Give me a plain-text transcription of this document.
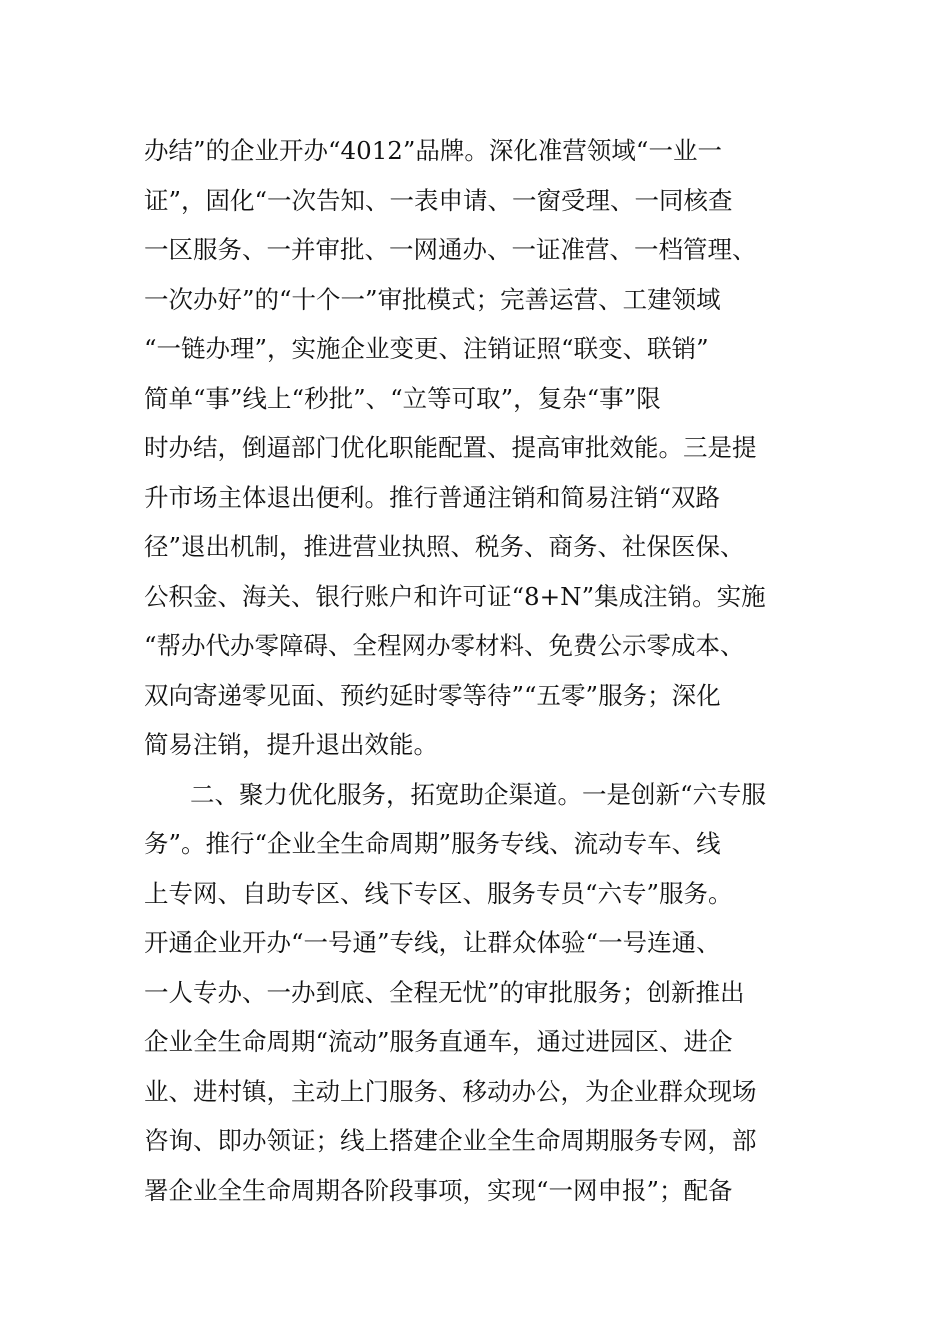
办结”的企业开办“4012”品牌。深化准营领域“一业一
证”，固化“一次告知、一表申请、一窗受理、一同核查
一区服务、一并审批、一网通办、一证准营、一档管理、
一次办好”的“十个一”审批模式；完善运营、工建领域
“一链办理”，实施企业变更、注销证照“联变、联销”
简单“事”线上“秒批”、“立等可取”，复杂“事”限
时办结，倒逼部门优化职能配置、提高审批效能。三是提
升市场主体退出便利。推行普通注销和简易注销“双路
径”退出机制，推进营业执照、税务、商务、社保医保、
公积金、海关、银行账户和许可证“8+N”集成注销。实施
“帮办代办零障碍、全程网办零材料、免费公示零成本、
双向寄递零见面、预约延时零等待”“五零”服务；深化
简易注销，提升退出效能。
二、聚力优化服务，拓宽助企渠道。一是创新“六专服
务”。推行“企业全生命周期”服务专线、流动专车、线
上专网、自助专区、线下专区、服务专员“六专”服务。
开通企业开办“一号通”专线，让群众体验“一号连通、
一人专办、一办到底、全程无忧”的审批服务；创新推出
企业全生命周期“流动”服务直通车，通过进园区、进企
业、进村镇，主动上门服务、移动办公，为企业群众现场
咨询、即办领证；线上搭建企业全生命周期服务专网，部
署企业全生命周期各阶段事项，实现“一网申报”；配备
